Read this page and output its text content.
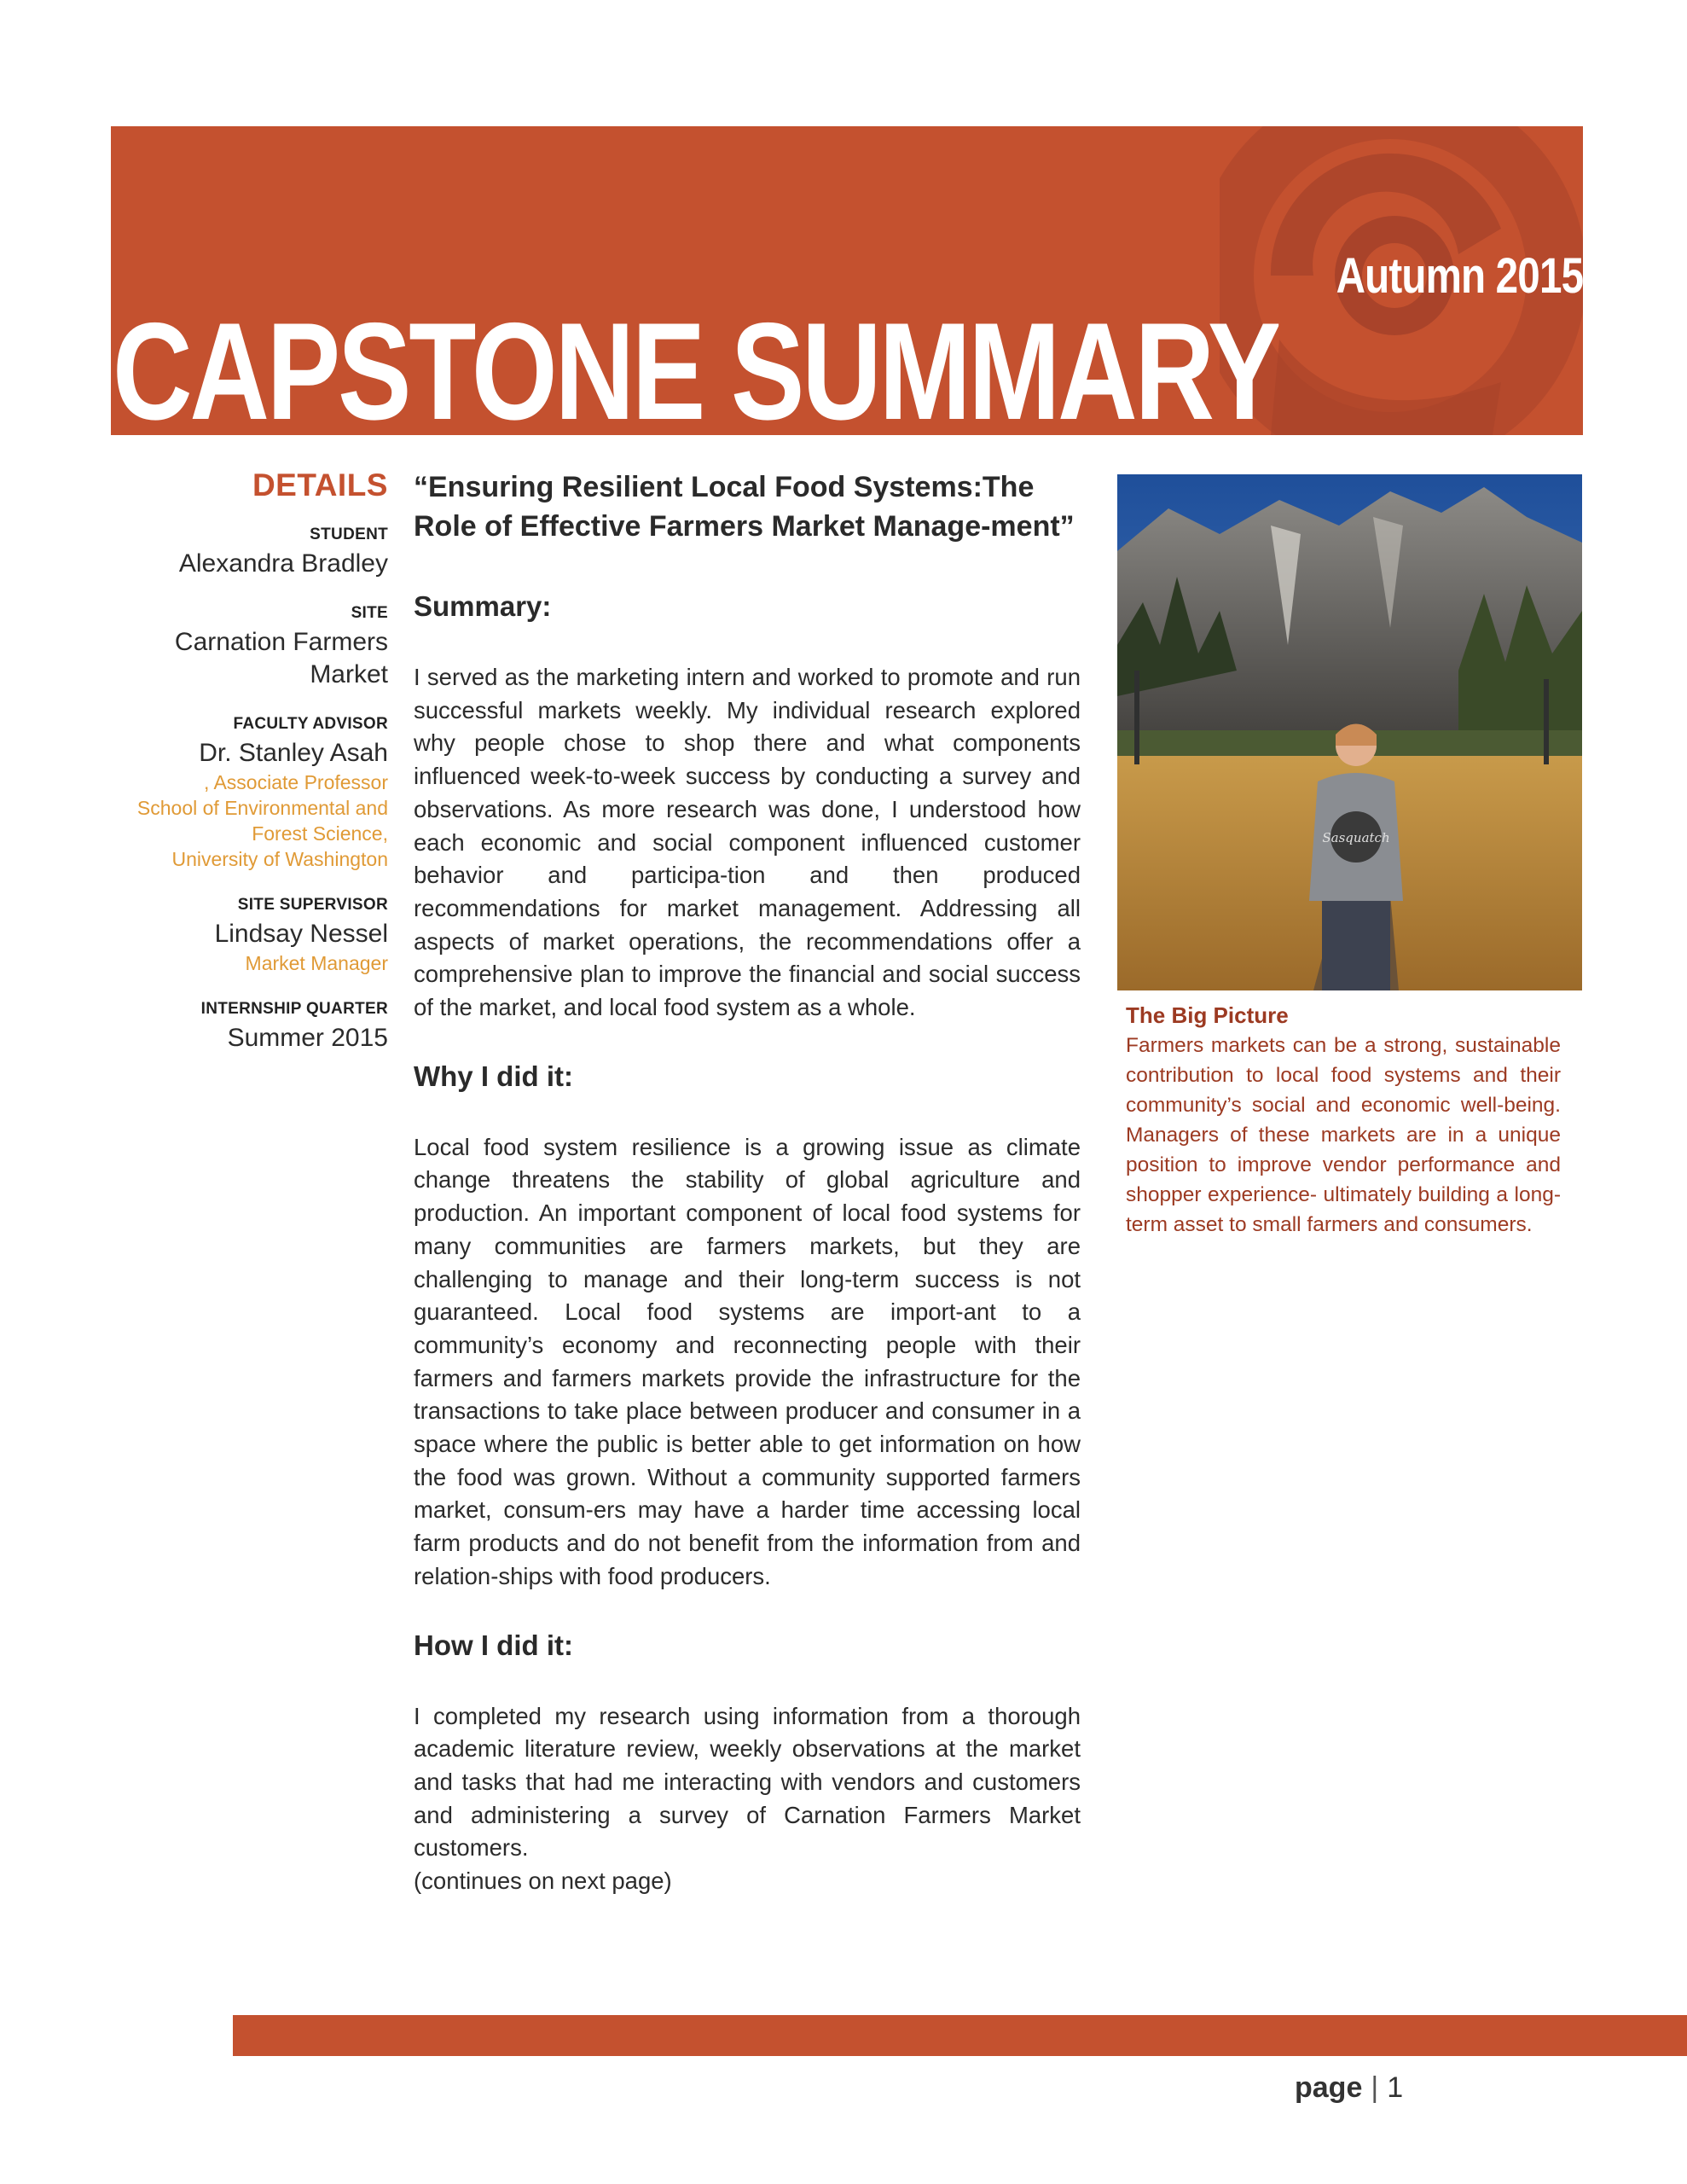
Autumn 2015
CAPSTONE SUMMARY
DETAILS
STUDENT
Alexandra Bradley
SITE
Carnation Farmers
Market
FACULTY ADVISOR
Dr. Stanley Asah
, Associate Professor
School of Environmental and
Forest Science,
University of Washington
SITE SUPERVISOR
Lindsay Nessel
Market Manager
INTERNSHIP QUARTER
Summer 2015
“Ensuring Resilient Local Food Systems:The Role of Effective Farmers Market Manage-ment”
Summary:

I served as the marketing intern and worked to promote and run successful markets weekly. My individual research explored why people chose to shop there and what components influenced week-to-week success by conducting a survey and observations. As more research was done, I understood how each economic and social component influenced customer behavior and participa-tion and then produced recommendations for market management. Addressing all aspects of market operations, the recommendations offer a comprehensive plan to improve the financial and social success of the market, and local food system as a whole.

Why I did it:

Local food system resilience is a growing issue as climate change threatens the stability of global agriculture and production. An important component of local food systems for many communities are farmers markets, but they are challenging to manage and their long-term success is not guaranteed. Local food systems are import-ant to a community’s economy and reconnecting people with their farmers and farmers markets provide the infrastructure for the transactions to take place between producer and consumer in a space where the public is better able to get information on how the food was grown. Without a community supported farmers market, consum-ers may have a harder time accessing local farm products and do not benefit from the information from and relation-ships with food producers.

How I did it:

I completed my research using information from a thorough academic literature review, weekly observations at the market and tasks that had me interacting with vendors and customers and administering a survey of Carnation Farmers Market customers.

(continues on next page)

Sasquatch
The Big Picture

Farmers markets can be a strong, sustainable contribution to local food systems and their community’s social and economic well-being. Managers of these markets are in a unique position to improve vendor performance and shopper experience- ultimately building a long-term asset to small farmers and consumers.

page | 1
